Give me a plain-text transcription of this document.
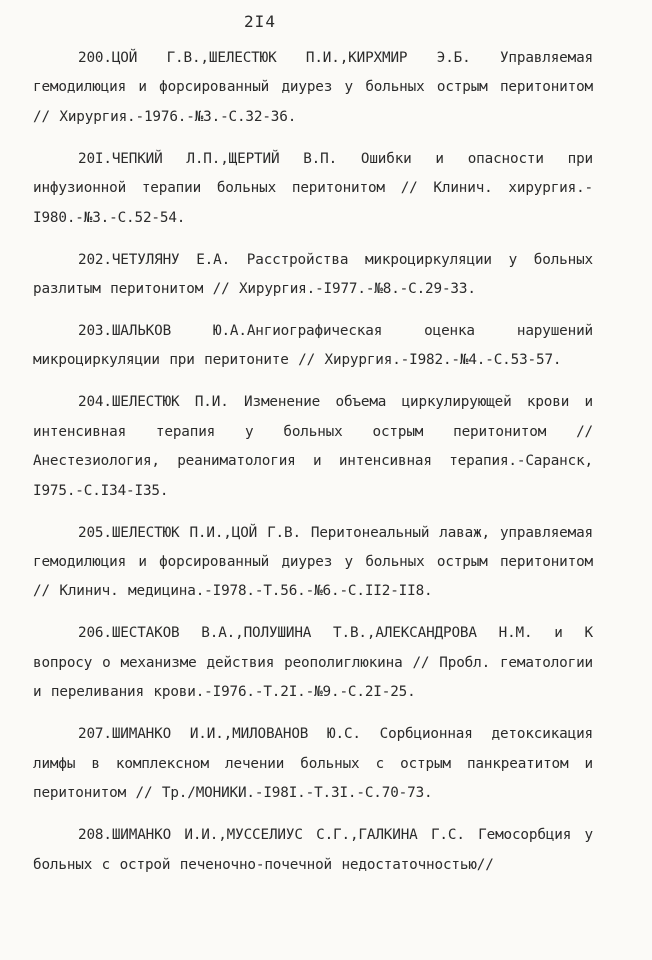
2I4

200.ЦОЙ Г.В.,ШЕЛЕСТЮК П.И.,КИРХМИР Э.Б. Управляемая гемодилюция и форсированный диурез у больных острым перитонитом // Хирургия.-1976.-№3.-С.32-36.

20I.ЧЕПКИЙ Л.П.,ЩЕРТИЙ В.П. Ошибки и опасности при инфузионной терапии больных перитонитом // Клинич. хирургия.-I980.-№3.-С.52-54.

202.ЧЕТУЛЯНУ Е.А. Расстройства микроциркуляции у больных разлитым перитонитом // Хирургия.-I977.-№8.-С.29-33.

203.ШАЛЬКОВ Ю.А.Ангиографическая оценка нарушений микроциркуляции при перитоните // Хирургия.-I982.-№4.-С.53-57.

204.ШЕЛЕСТЮК П.И. Изменение объема циркулирующей крови и интенсивная терапия у больных острым перитонитом // Анестезиология, реаниматология и интенсивная терапия.-Саранск, I975.-С.I34-I35.

205.ШЕЛЕСТЮК П.И.,ЦОЙ Г.В. Перитонеальный лаваж, управляемая гемодилюция и форсированный диурез у больных острым перитонитом // Клинич. медицина.-I978.-Т.56.-№6.-С.II2-II8.

206.ШЕСТАКОВ В.А.,ПОЛУШИНА Т.В.,АЛЕКСАНДРОВА Н.М. и К вопросу о механизме действия реополиглюкина // Пробл. гематологии и переливания крови.-I976.-Т.2I.-№9.-С.2I-25.

207.ШИМАНКО И.И.,МИЛОВАНОВ Ю.С. Сорбционная детоксикация лимфы в комплексном лечении больных с острым панкреатитом и перитонитом // Тр./МОНИКИ.-I98I.-Т.3I.-С.70-73.

208.ШИМАНКО И.И.,МУССЕЛИУС С.Г.,ГАЛКИНА Г.С. Гемосорбция у больных с острой печеночно-почечной недостаточностью//
